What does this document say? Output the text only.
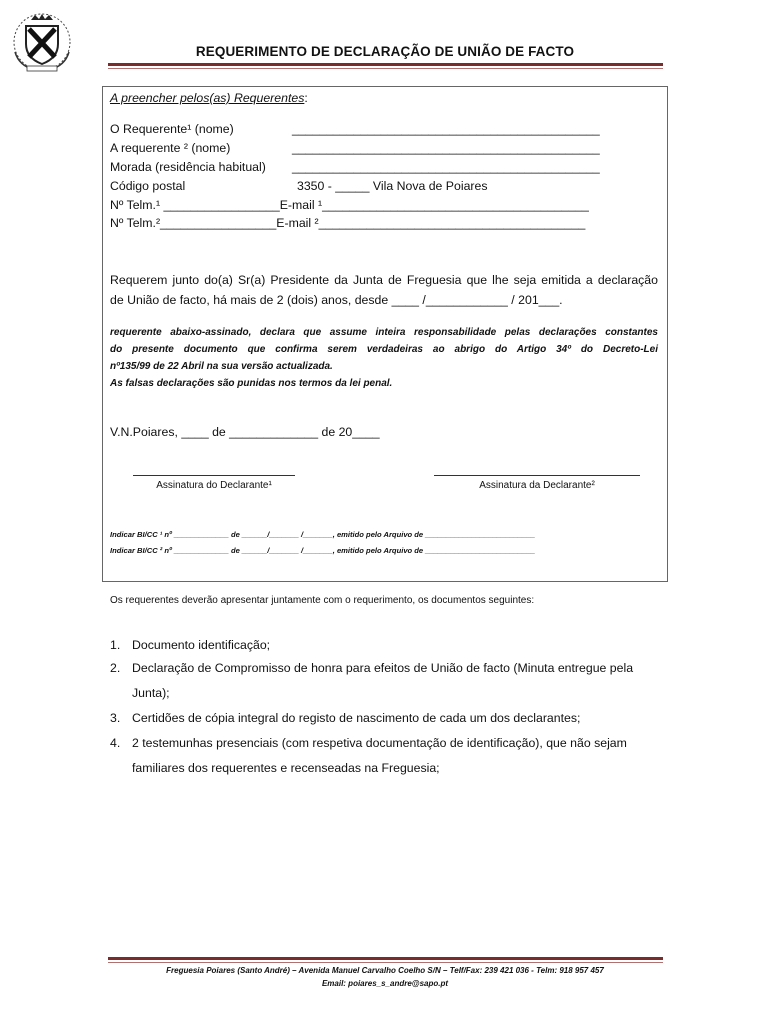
REQUERIMENTO DE DECLARAÇÃO DE UNIÃO DE FACTO
A preencher pelos(as) Requerentes:
O Requerente¹ (nome)	_____________________________________________
A requerente ² (nome)	_____________________________________________
Morada (residência habitual) _____________________________________________
Código postal	3350 - _____ Vila Nova de Poiares
Nº Telm.¹ _________________E-mail ¹_______________________________________
Nº Telm.²_________________E-mail ²_______________________________________
Requerem junto do(a) Sr(a) Presidente da Junta de Freguesia que lhe seja emitida a declaração
de União de facto, há mais de 2 (dois) anos, desde ____ /____________ / 201___.
requerente abaixo-assinado, declara que assume inteira responsabilidade pelas declarações constantes
do presente documento que confirma serem verdadeiras ao abrigo do Artigo 34º do Decreto-Lei
nº135/99 de 22 Abril na sua versão actualizada.
As falsas declarações são punidas nos termos da lei penal.
V.N.Poiares, ____ de _____________ de 20____
Assinatura do Declarante¹	Assinatura da Declarante²
Indicar BI/CC ¹ nº _____________ de ______/_______ /_______, emitido pelo Arquivo de __________________________
Indicar BI/CC ² nº _____________ de ______/_______ /_______, emitido pelo Arquivo de __________________________
Os requerentes deverão apresentar juntamente com o requerimento, os documentos seguintes:
1. Documento identificação;
2. Declaração de Compromisso de honra para efeitos de União de facto (Minuta entregue pela
Junta);
3. Certidões de cópia integral do registo de nascimento de cada um dos declarantes;
4. 2 testemunhas presenciais (com respetiva documentação de identificação), que não sejam
familiares dos requerentes e recenseadas na Freguesia;
Freguesia Poiares (Santo André) – Avenida Manuel Carvalho Coelho S/N – Telf/Fax: 239 421 036 - Telm: 918 957 457
Email: poiares_s_andre@sapo.pt
